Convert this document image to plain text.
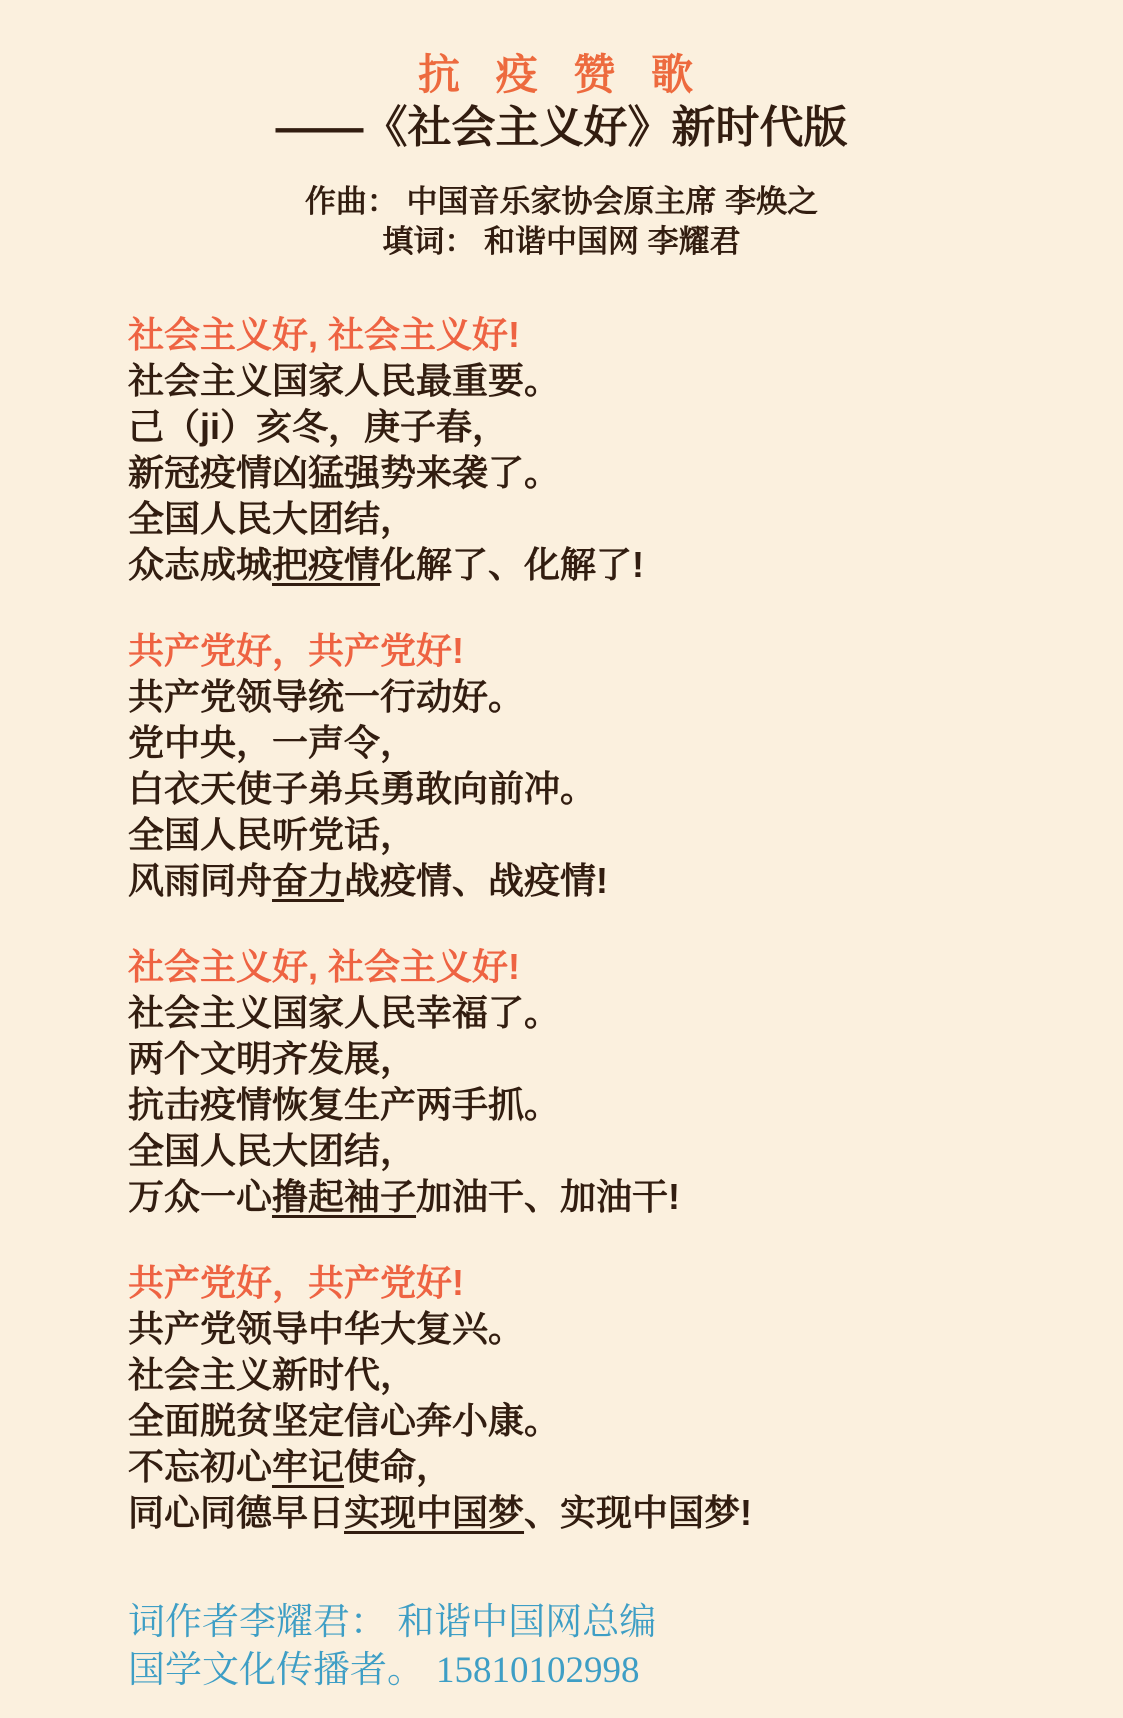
抗 疫 赞 歌
——《社会主义好》新时代版

作曲： 中国音乐家协会原主席 李焕之

填词： 和谐中国网 李耀君

社会主义好, 社会主义好!

社会主义国家人民最重要。

己（ji）亥冬，庚子春，

新冠疫情凶猛强势来袭了。

全国人民大团结，

众志成城把疫情化解了、化解了!

共产党好，共产党好!

共产党领导统一行动好。

党中央，一声令，

白衣天使子弟兵勇敢向前冲。

全国人民听党话，

风雨同舟奋力战疫情、战疫情!

社会主义好, 社会主义好!

社会主义国家人民幸福了。

两个文明齐发展，

抗击疫情恢复生产两手抓。

全国人民大团结，

万众一心撸起袖子加油干、加油干!

共产党好，共产党好!

共产党领导中华大复兴。

社会主义新时代，

全面脱贫坚定信心奔小康。

不忘初心牢记使命，

同心同德早日实现中国梦、实现中国梦!

词作者李耀君： 和谐中国网总编

国学文化传播者。 15810102998
